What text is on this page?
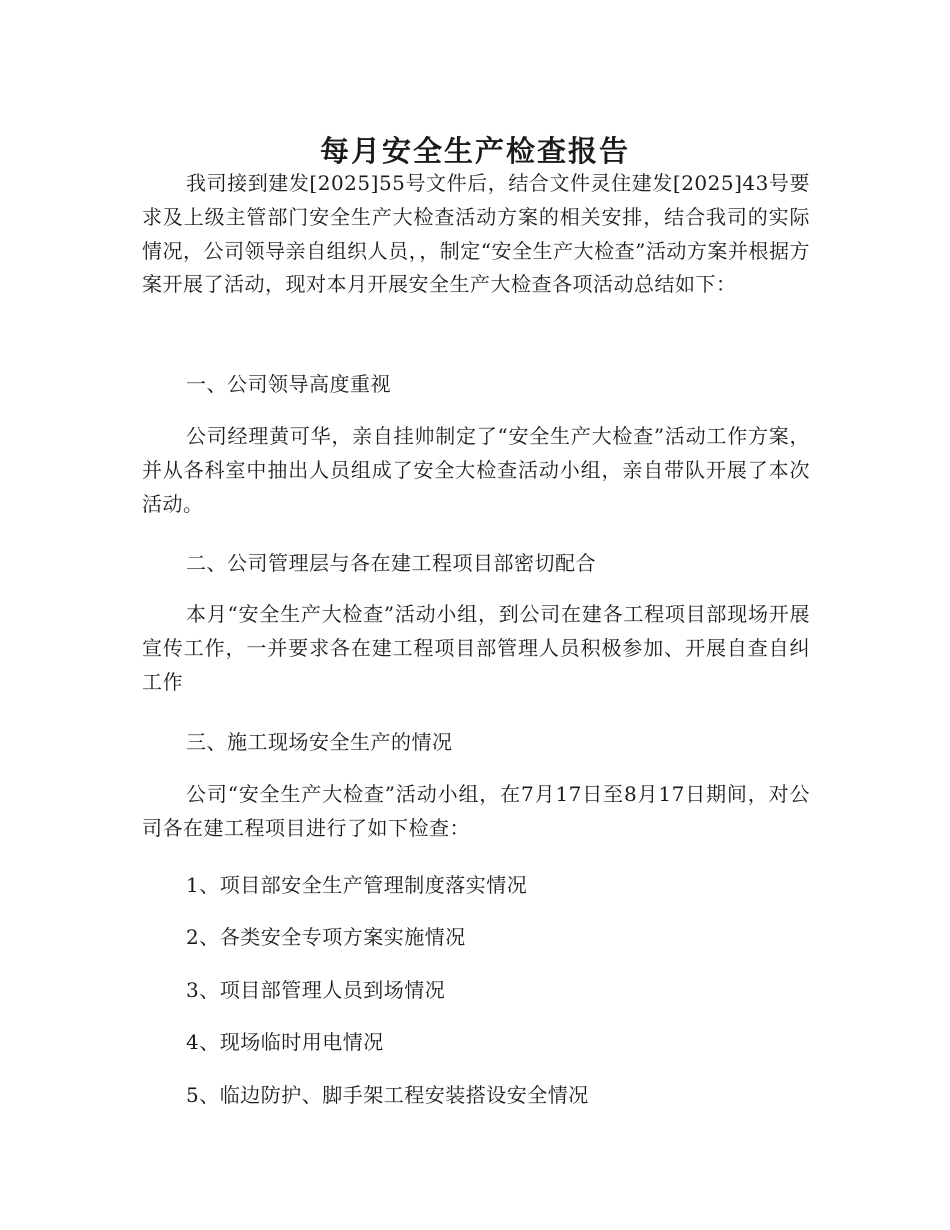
每月安全生产检查报告

我司接到建发[2025]55号文件后，结合文件灵住建发[2025]43号要求及上级主管部门安全生产大检查活动方案的相关安排，结合我司的实际情况，公司领导亲自组织人员，，制定“安全生产大检查”活动方案并根据方案开展了活动，现对本月开展安全生产大检查各项活动总结如下：

一、公司领导高度重视

公司经理黄可华，亲自挂帅制定了“安全生产大检查”活动工作方案，并从各科室中抽出人员组成了安全大检查活动小组，亲自带队开展了本次活动。

二、公司管理层与各在建工程项目部密切配合

本月“安全生产大检查”活动小组，到公司在建各工程项目部现场开展宣传工作，一并要求各在建工程项目部管理人员积极参加、开展自查自纠工作

三、施工现场安全生产的情况

公司“安全生产大检查”活动小组，在7月17日至8月17日期间，对公司各在建工程项目进行了如下检查：

1、项目部安全生产管理制度落实情况

2、各类安全专项方案实施情况

3、项目部管理人员到场情况

4、现场临时用电情况

5、临边防护、脚手架工程安装搭设安全情况
